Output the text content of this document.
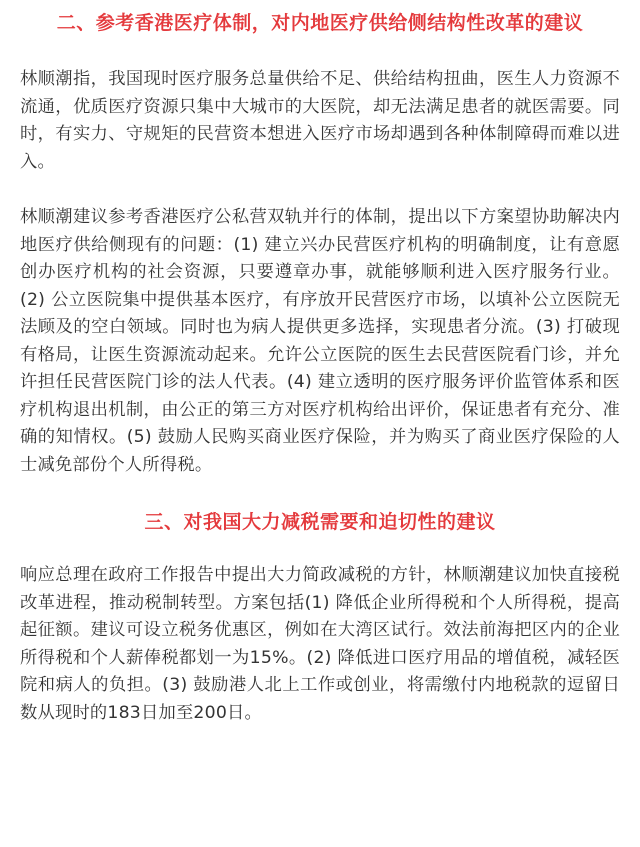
二、参考香港医疗体制，对内地医疗供给侧结构性改革的建议

林顺潮指，我国现时医疗服务总量供给不足、供给结构扭曲，医生人力资源不流通，优质医疗资源只集中大城市的大医院，却无法满足患者的就医需要。同时，有实力、守规矩的民营资本想进入医疗市场却遇到各种体制障碍而难以进入。

林顺潮建议参考香港医疗公私营双轨并行的体制，提出以下方案望协助解决内地医疗供给侧现有的问题：(1) 建立兴办民营医疗机构的明确制度，让有意愿创办医疗机构的社会资源，只要遵章办事，就能够顺利进入医疗服务行业。(2) 公立医院集中提供基本医疗，有序放开民营医疗市场，以填补公立医院无法顾及的空白领域。同时也为病人提供更多选择，实现患者分流。(3) 打破现有格局，让医生资源流动起来。允许公立医院的医生去民营医院看门诊，并允许担任民营医院门诊的法人代表。(4) 建立透明的医疗服务评价监管体系和医疗机构退出机制，由公正的第三方对医疗机构给出评价，保证患者有充分、准确的知情权。(5) 鼓励人民购买商业医疗保险，并为购买了商业医疗保险的人士减免部份个人所得税。

三、对我国大力减税需要和迫切性的建议

响应总理在政府工作报告中提出大力简政减税的方针，林顺潮建议加快直接税改革进程，推动税制转型。方案包括(1) 降低企业所得税和个人所得税，提高起征额。建议可设立税务优惠区，例如在大湾区试行。效法前海把区内的企业所得税和个人薪俸税都划一为15%。(2) 降低进口医疗用品的增值税，减轻医院和病人的负担。(3) 鼓励港人北上工作或创业，将需缴付内地税款的逗留日数从现时的183日加至200日。
